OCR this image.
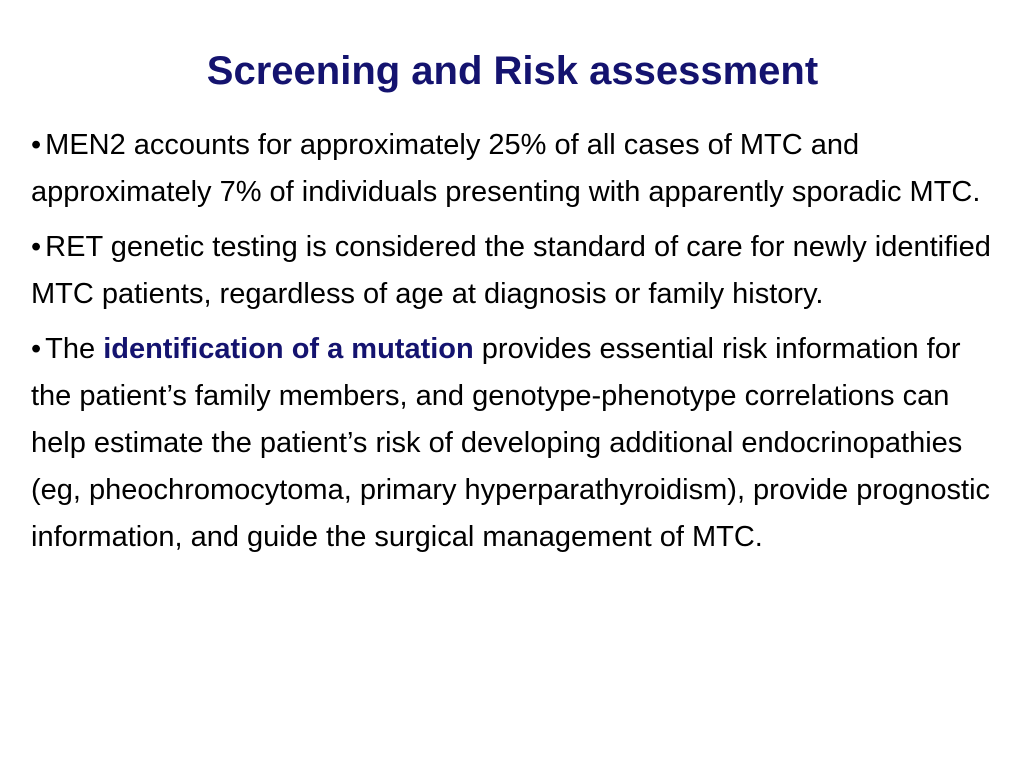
Screening and Risk assessment
• MEN2 accounts for approximately 25% of all cases of MTC and approximately 7% of individuals presenting with apparently sporadic MTC.
• RET genetic testing is considered the standard of care for newly identified MTC patients, regardless of age at diagnosis or family history.
• The identification of a mutation provides essential risk information for the patient’s family members, and genotype-phenotype correlations can help estimate the patient’s risk of developing additional endocrinopathies (eg, pheochromocytoma, primary hyperparathyroidism), provide prognostic information, and guide the surgical management of MTC.
